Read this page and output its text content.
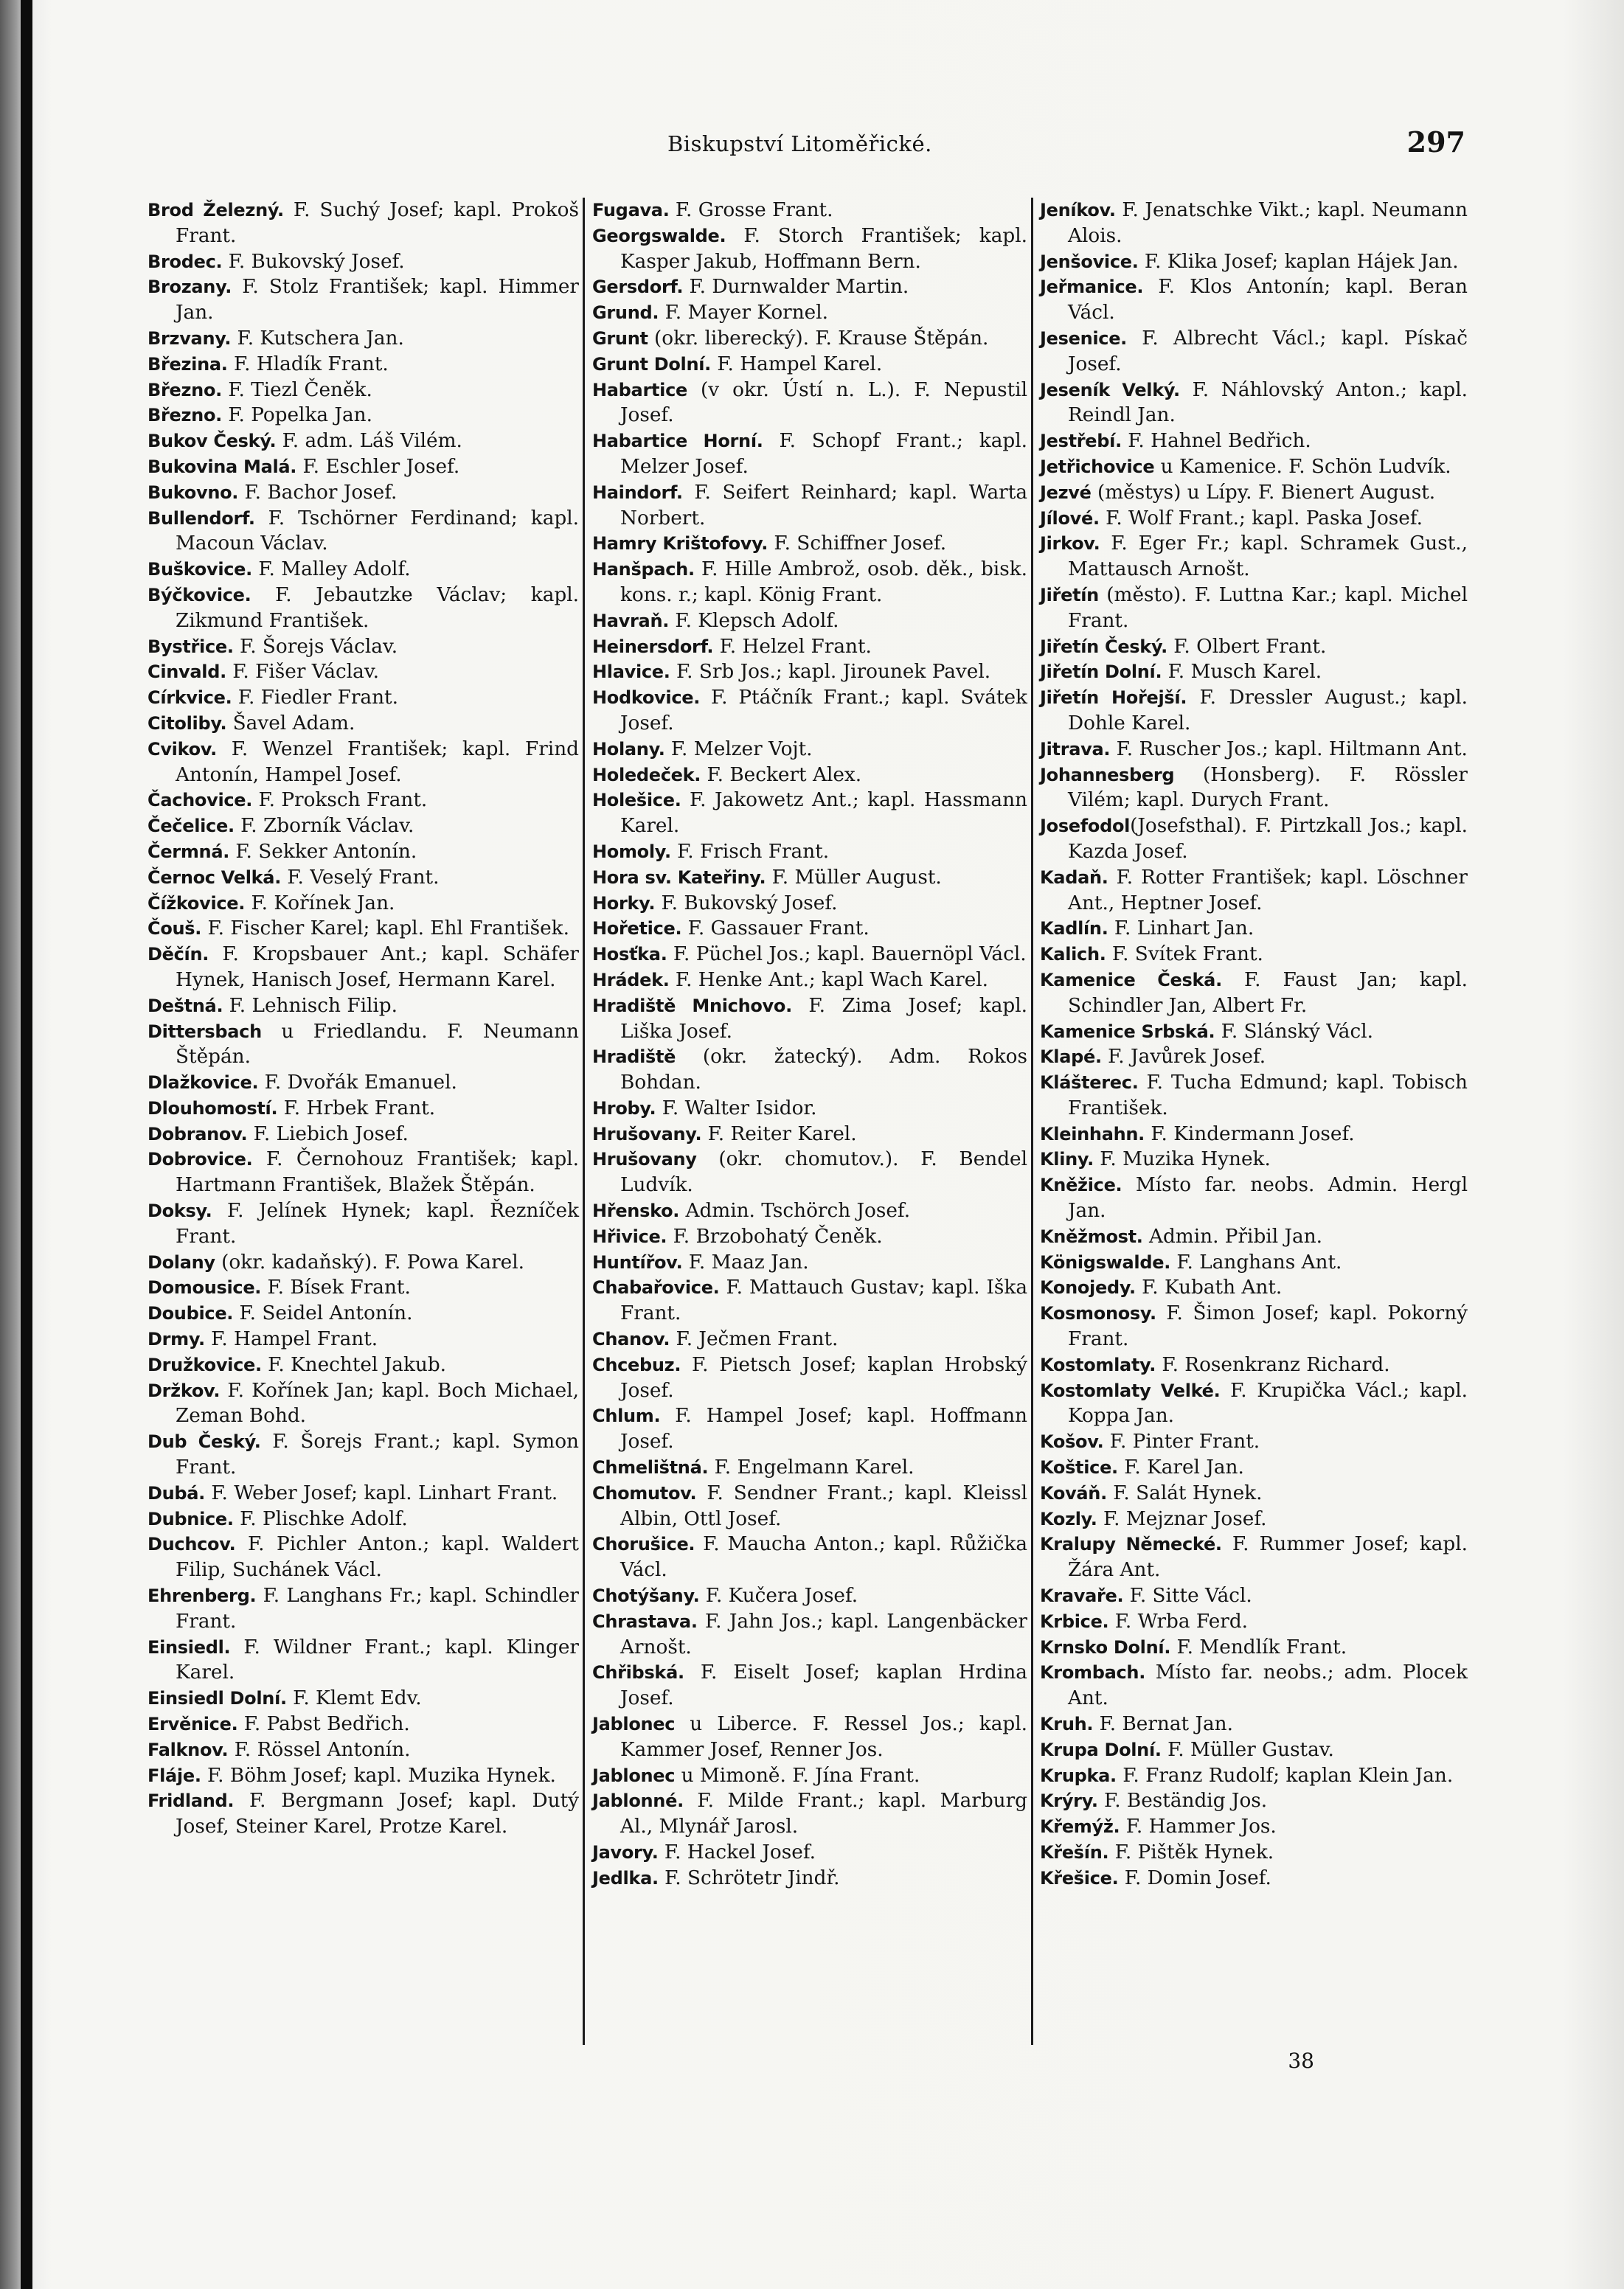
Biskupství Litoměřické.	297

Brod Železný. F. Suchý Josef; kapl. Prokoš Frant.

Brodec. F. Bukovský Josef.

Brozany. F. Stolz František; kapl. Himmer Jan.

Brzvany. F. Kutschera Jan.

Březina. F. Hladík Frant.

Březno. F. Tiezl Čeněk.

Březno. F. Popelka Jan.

Bukov Český. F. adm. Láš Vilém.

Bukovina Malá. F. Eschler Josef.

Bukovno. F. Bachor Josef.

Bullendorf. F. Tschörner Ferdinand; kapl. Macoun Václav.

Buškovice. F. Malley Adolf.

Býčkovice. F. Jebautzke Václav; kapl. Zikmund František.

Bystřice. F. Šorejs Václav.

Cinvald. F. Fišer Václav.

Církvice. F. Fiedler Frant.

Citoliby. Šavel Adam.

Cvikov. F. Wenzel František; kapl. Frind Antonín, Hampel Josef.

Čachovice. F. Proksch Frant.

Čečelice. F. Zborník Václav.

Čermná. F. Sekker Antonín.

Černoc Velká. F. Veselý Frant.

Čížkovice. F. Kořínek Jan.

Čouš. F. Fischer Karel; kapl. Ehl František.

Děčín. F. Kropsbauer Ant.; kapl. Schäfer Hynek, Hanisch Josef, Hermann Karel.

Deštná. F. Lehnisch Filip.

Dittersbach u Friedlandu. F. Neumann Štěpán.

Dlažkovice. F. Dvořák Emanuel.

Dlouhomostí. F. Hrbek Frant.

Dobranov. F. Liebich Josef.

Dobrovice. F. Černohouz František; kapl. Hartmann František, Blažek Štěpán.

Doksy. F. Jelínek Hynek; kapl. Řezníček Frant.

Dolany (okr. kadaňský). F. Powa Karel.

Domousice. F. Bísek Frant.

Doubice. F. Seidel Antonín.

Drmy. F. Hampel Frant.

Družkovice. F. Knechtel Jakub.

Držkov. F. Kořínek Jan; kapl. Boch Michael, Zeman Bohd.

Dub Český. F. Šorejs Frant.; kapl. Symon Frant.

Dubá. F. Weber Josef; kapl. Linhart Frant.

Dubnice. F. Plischke Adolf.

Duchcov. F. Pichler Anton.; kapl. Waldert Filip, Suchánek Václ.

Ehrenberg. F. Langhans Fr.; kapl. Schindler Frant.

Einsiedl. F. Wildner Frant.; kapl. Klinger Karel.

Einsiedl Dolní. F. Klemt Edv.

Ervěnice. F. Pabst Bedřich.

Falknov. F. Rössel Antonín.

Fláje. F. Böhm Josef; kapl. Muzika Hynek.

Fridland. F. Bergmann Josef; kapl. Dutý Josef, Steiner Karel, Protze Karel.

Fugava. F. Grosse Frant.

Georgswalde. F. Storch František; kapl. Kasper Jakub, Hoffmann Bern.

Gersdorf. F. Durnwalder Martin.

Grund. F. Mayer Kornel.

Grunt (okr. liberecký). F. Krause Štěpán.

Grunt Dolní. F. Hampel Karel.

Habartice (v okr. Ústí n. L.). F. Nepustil Josef.

Habartice Horní. F. Schopf Frant.; kapl. Melzer Josef.

Haindorf. F. Seifert Reinhard; kapl. Warta Norbert.

Hamry Krištofovy. F. Schiffner Josef.

Hanšpach. F. Hille Ambrož, osob. děk., bisk. kons. r.; kapl. König Frant.

Havraň. F. Klepsch Adolf.

Heinersdorf. F. Helzel Frant.

Hlavice. F. Srb Jos.; kapl. Jirounek Pavel.

Hodkovice. F. Ptáčník Frant.; kapl. Svátek Josef.

Holany. F. Melzer Vojt.

Holedeček. F. Beckert Alex.

Holešice. F. Jakowetz Ant.; kapl. Hassmann Karel.

Homoly. F. Frisch Frant.

Hora sv. Kateřiny. F. Müller August.

Horky. F. Bukovský Josef.

Hořetice. F. Gassauer Frant.

Hosťka. F. Püchel Jos.; kapl. Bauernöpl Václ.

Hrádek. F. Henke Ant.; kapl Wach Karel.

Hradiště Mnichovo. F. Zima Josef; kapl. Liška Josef.

Hradiště (okr. žatecký). Adm. Rokos Bohdan.

Hroby. F. Walter Isidor.

Hrušovany. F. Reiter Karel.

Hrušovany (okr. chomutov.). F. Bendel Ludvík.

Hřensko. Admin. Tschörch Josef.

Hřivice. F. Brzobohatý Čeněk.

Huntířov. F. Maaz Jan.

Chabařovice. F. Mattauch Gustav; kapl. Iška Frant.

Chanov. F. Ječmen Frant.

Chcebuz. F. Pietsch Josef; kaplan Hrobský Josef.

Chlum. F. Hampel Josef; kapl. Hoffmann Josef.

Chmelištná. F. Engelmann Karel.

Chomutov. F. Sendner Frant.; kapl. Kleissl Albin, Ottl Josef.

Chorušice. F. Maucha Anton.; kapl. Růžička Václ.

Chotýšany. F. Kučera Josef.

Chrastava. F. Jahn Jos.; kapl. Langenbäcker Arnošt.

Chřibská. F. Eiselt Josef; kaplan Hrdina Josef.

Jablonec u Liberce. F. Ressel Jos.; kapl. Kammer Josef, Renner Jos.

Jablonec u Mimoně. F. Jína Frant.

Jablonné. F. Milde Frant.; kapl. Marburg Al., Mlynář Jarosl.

Javory. F. Hackel Josef.

Jedlka. F. Schrötetr Jindř.

Jeníkov. F. Jenatschke Vikt.; kapl. Neumann Alois.

Jenšovice. F. Klika Josef; kaplan Hájek Jan.

Jeřmanice. F. Klos Antonín; kapl. Beran Václ.

Jesenice. F. Albrecht Václ.; kapl. Pískač Josef.

Jeseník Velký. F. Náhlovský Anton.; kapl. Reindl Jan.

Jestřebí. F. Hahnel Bedřich.

Jetřichovice u Kamenice. F. Schön Ludvík.

Jezvé (městys) u Lípy. F. Bienert August.

Jílové. F. Wolf Frant.; kapl. Paska Josef.

Jirkov. F. Eger Fr.; kapl. Schramek Gust., Mattausch Arnošt.

Jiřetín (město). F. Luttna Kar.; kapl. Michel Frant.

Jiřetín Český. F. Olbert Frant.

Jiřetín Dolní. F. Musch Karel.

Jiřetín Hořejší. F. Dressler August.; kapl. Dohle Karel.

Jitrava. F. Ruscher Jos.; kapl. Hiltmann Ant.

Johannesberg (Honsberg). F. Rössler Vilém; kapl. Durych Frant.

Josefodol(Josefsthal). F. Pirtzkall Jos.; kapl. Kazda Josef.

Kadaň. F. Rotter František; kapl. Löschner Ant., Heptner Josef.

Kadlín. F. Linhart Jan.

Kalich. F. Svítek Frant.

Kamenice Česká. F. Faust Jan; kapl. Schindler Jan, Albert Fr.

Kamenice Srbská. F. Slánský Václ.

Klapé. F. Javůrek Josef.

Klášterec. F. Tucha Edmund; kapl. Tobisch František.

Kleinhahn. F. Kindermann Josef.

Kliny. F. Muzika Hynek.

Kněžice. Místo far. neobs. Admin. Hergl Jan.

Kněžmost. Admin. Přibil Jan.

Königswalde. F. Langhans Ant.

Konojedy. F. Kubath Ant.

Kosmonosy. F. Šimon Josef; kapl. Pokorný Frant.

Kostomlaty. F. Rosenkranz Richard.

Kostomlaty Velké. F. Krupička Václ.; kapl. Koppa Jan.

Košov. F. Pinter Frant.

Koštice. F. Karel Jan.

Kováň. F. Salát Hynek.

Kozly. F. Mejznar Josef.

Kralupy Německé. F. Rummer Josef; kapl. Žára Ant.

Kravaře. F. Sitte Václ.

Krbice. F. Wrba Ferd.

Krnsko Dolní. F. Mendlík Frant.

Krombach. Místo far. neobs.; adm. Plocek Ant.

Kruh. F. Bernat Jan.

Krupa Dolní. F. Müller Gustav.

Krupka. F. Franz Rudolf; kaplan Klein Jan.

Krýry. F. Beständig Jos.

Křemýž. F. Hammer Jos.

Křešín. F. Pištěk Hynek.

Křešice. F. Domin Josef.

38
